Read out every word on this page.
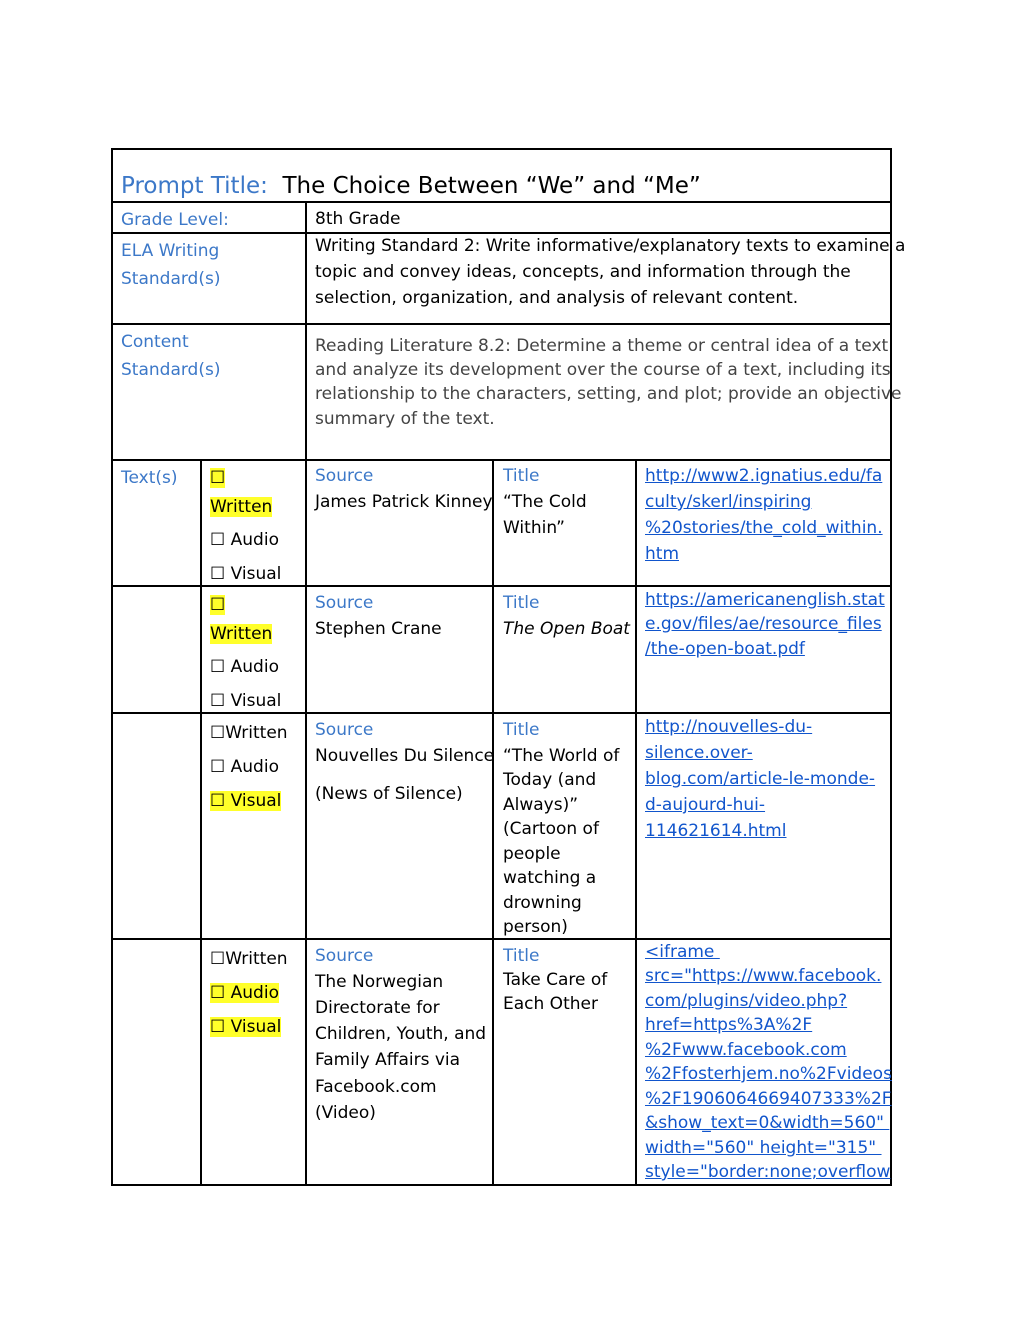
Prompt Title: The Choice Between “We” and “Me”
Grade Level:	8th Grade
ELA Writing
Standard(s)
Writing Standard 2: Write informative/explanatory texts to examine a
topic and convey ideas, concepts, and information through the
selection, organization, and analysis of relevant content.
Content
Standard(s)
Reading Literature 8.2: Determine a theme or central idea of a text
and analyze its development over the course of a text, including its
relationship to the characters, setting, and plot; provide an objective
summary of the text.
Text(s) ☐
Written
☐ Audio
☐ Visual
Source
James Patrick Kinney
Title
“The Cold
Within”
http://www2.ignatius.edu/fa
culty/skerl/inspiring
%20stories/the_cold_within.
htm
☐
Written
☐ Audio
☐ Visual
Source
Stephen Crane
Title
The Open Boat
https://americanenglish.stat
e.gov/files/ae/resource_files
/the-open-boat.pdf
☐Written
☐ Audio
☐ Visual
Source
Nouvelles Du Silence
(News of Silence)
Title
“The World of
Today (and
Always)”
(Cartoon of
people
watching a
drowning
person)
http://nouvelles-du-
silence.over-
blog.com/article-le-monde-
d-aujourd-hui-
114621614.html
☐Written
☐ Audio
☐ Visual
Source
The Norwegian
Directorate for
Children, Youth, and
Family Affairs via
Facebook.com
(Video)
Title
Take Care of
Each Other
<iframe
src="https://www.facebook.
com/plugins/video.php?
href=https%3A%2F
%2Fwww.facebook.com
%2Ffosterhjem.no%2Fvideos
%2F1906064669407333%2F
&show_text=0&width=560"
width="560" height="315"
style="border:none;overflow
